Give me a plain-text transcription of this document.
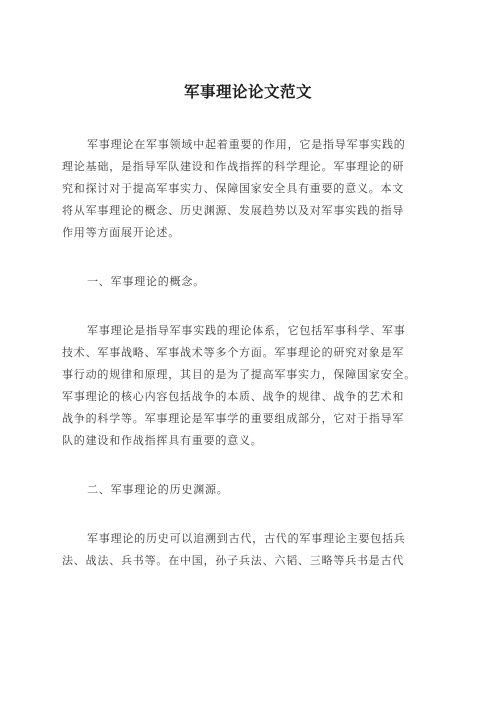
军事理论论文范文
军事理论在军事领域中起着重要的作用，它是指导军事实践的
理论基础，是指导军队建设和作战指挥的科学理论。军事理论的研
究和探讨对于提高军事实力、保障国家安全具有重要的意义。本文
将从军事理论的概念、历史渊源、发展趋势以及对军事实践的指导
作用等方面展开论述。
一、军事理论的概念。
军事理论是指导军事实践的理论体系，它包括军事科学、军事
技术、军事战略、军事战术等多个方面。军事理论的研究对象是军
事行动的规律和原理，其目的是为了提高军事实力，保障国家安全。
军事理论的核心内容包括战争的本质、战争的规律、战争的艺术和
战争的科学等。军事理论是军事学的重要组成部分，它对于指导军
队的建设和作战指挥具有重要的意义。
二、军事理论的历史渊源。
军事理论的历史可以追溯到古代，古代的军事理论主要包括兵
法、战法、兵书等。在中国，孙子兵法、六韬、三略等兵书是古代
